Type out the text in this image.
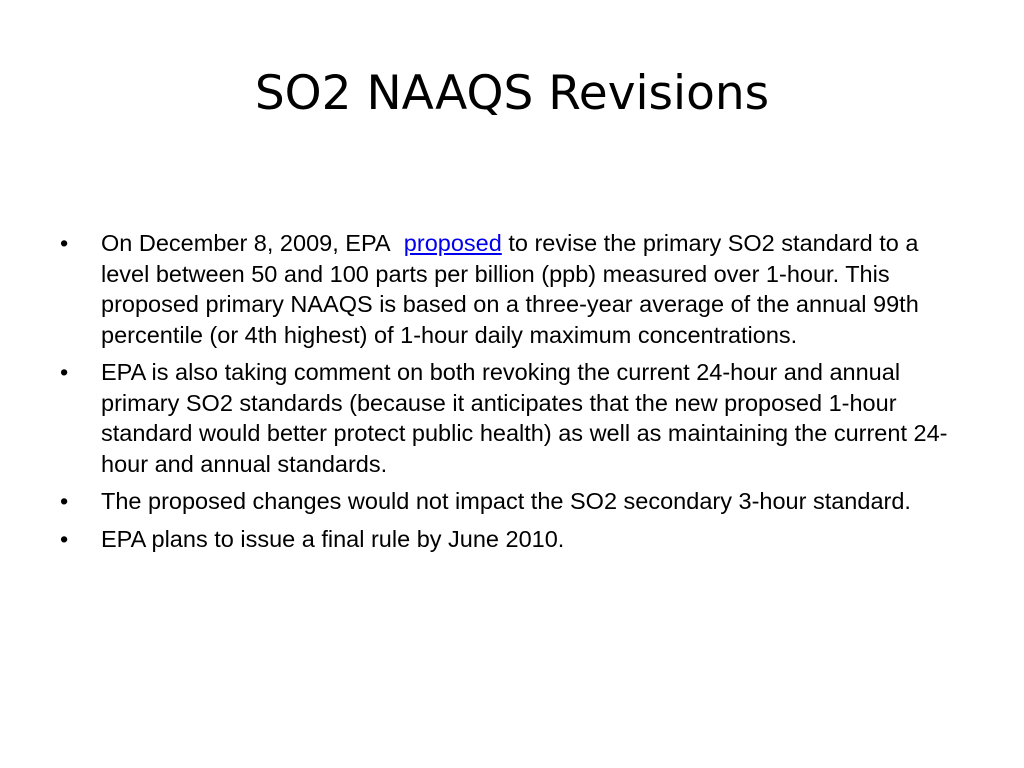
SO2 NAAQS Revisions
• On December 8, 2009, EPA proposed to revise the primary SO2 standard to a level between 50 and 100 parts per billion (ppb) measured over 1-hour. This proposed primary NAAQS is based on a three-year average of the annual 99th percentile (or 4th highest) of 1-hour daily maximum concentrations.
• EPA is also taking comment on both revoking the current 24-hour and annual primary SO2 standards (because it anticipates that the new proposed 1-hour standard would better protect public health) as well as maintaining the current 24-hour and annual standards.
• The proposed changes would not impact the SO2 secondary 3-hour standard.
• EPA plans to issue a final rule by June 2010.
